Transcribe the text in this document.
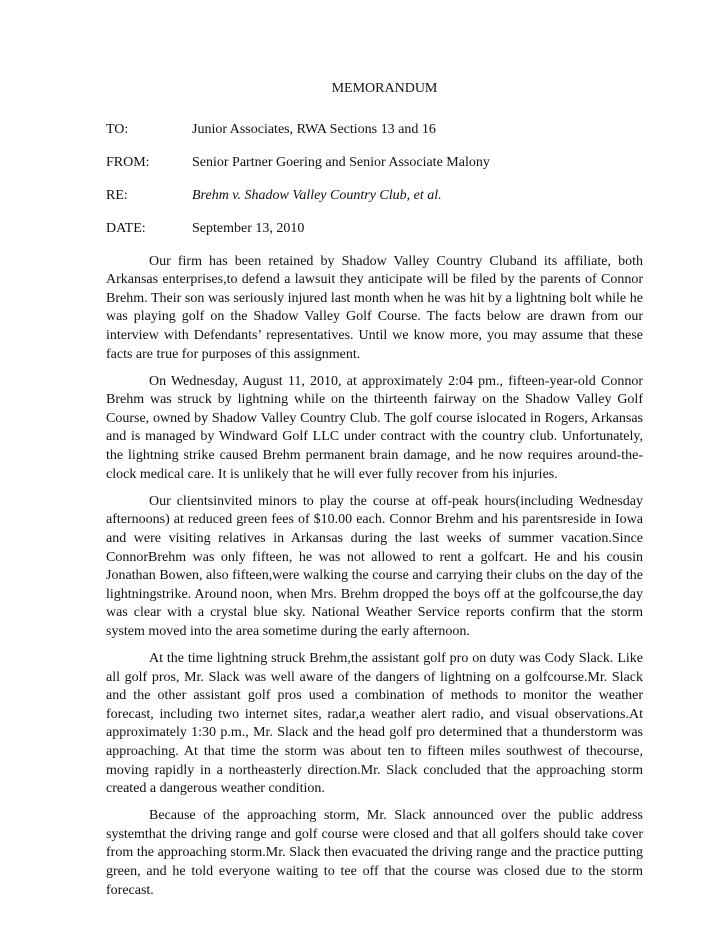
MEMORANDUM
TO:	Junior Associates, RWA Sections 13 and 16
FROM:	Senior Partner Goering and Senior Associate Malony
RE:	Brehm v. Shadow Valley Country Club, et al.
DATE:	September 13, 2010

Our firm has been retained by Shadow Valley Country Cluband its affiliate, both Arkansas enterprises,to defend a lawsuit they anticipate will be filed by the parents of Connor Brehm. Their son was seriously injured last month when he was hit by a lightning bolt while he was playing golf on the Shadow Valley Golf Course. The facts below are drawn from our interview with Defendants’ representatives. Until we know more, you may assume that these facts are true for purposes of this assignment.

On Wednesday, August 11, 2010, at approximately 2:04 pm., fifteen-year-old Connor Brehm was struck by lightning while on the thirteenth fairway on the Shadow Valley Golf Course, owned by Shadow Valley Country Club. The golf course islocated in Rogers, Arkansas and is managed by Windward Golf LLC under contract with the country club. Unfortunately, the lightning strike caused Brehm permanent brain damage, and he now requires around-the-clock medical care. It is unlikely that he will ever fully recover from his injuries.

Our clientsinvited minors to play the course at off-peak hours(including Wednesday afternoons) at reduced green fees of $10.00 each. Connor Brehm and his parentsreside in Iowa and were visiting relatives in Arkansas during the last weeks of summer vacation.Since ConnorBrehm was only fifteen, he was not allowed to rent a golfcart. He and his cousin Jonathan Bowen, also fifteen,were walking the course and carrying their clubs on the day of the lightningstrike. Around noon, when Mrs. Brehm dropped the boys off at the golfcourse,the day was clear with a crystal blue sky. National Weather Service reports confirm that the storm system moved into the area sometime during the early afternoon.

At the time lightning struck Brehm,the assistant golf pro on duty was Cody Slack. Like all golf pros, Mr. Slack was well aware of the dangers of lightning on a golfcourse.Mr. Slack and the other assistant golf pros used a combination of methods to monitor the weather forecast, including two internet sites, radar,a weather alert radio, and visual observations.At approximately 1:30 p.m., Mr. Slack and the head golf pro determined that a thunderstorm was approaching. At that time the storm was about ten to fifteen miles southwest of thecourse, moving rapidly in a northeasterly direction.Mr. Slack concluded that the approaching storm created a dangerous weather condition.

Because of the approaching storm, Mr. Slack announced over the public address systemthat the driving range and golf course were closed and that all golfers should take cover from the approaching storm.Mr. Slack then evacuated the driving range and the practice putting green, and he told everyone waiting to tee off that the course was closed due to the storm forecast.
